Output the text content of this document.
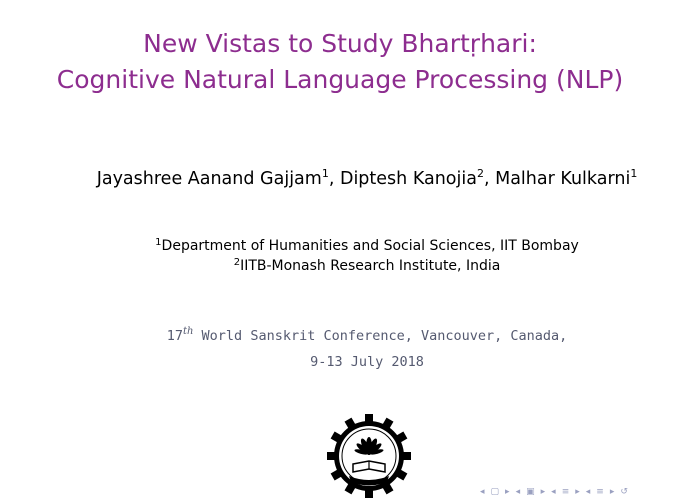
New Vistas to Study Bhartṛhari:
Cognitive Natural Language Processing (NLP)
Jayashree Aanand Gajjam$^1$, Diptesh Kanojia$^2$, Malhar Kulkarni$^1$
$^1$Department of Humanities and Social Sciences, IIT Bombay
$^2$IITB-Monash Research Institute, India
17th World Sanskrit Conference, Vancouver, Canada,
9-13 July 2018
◂ ▢ ▸ ◂ ▣ ▸ ◂ ≡ ▸ ◂ ≡ ▸ ↺
